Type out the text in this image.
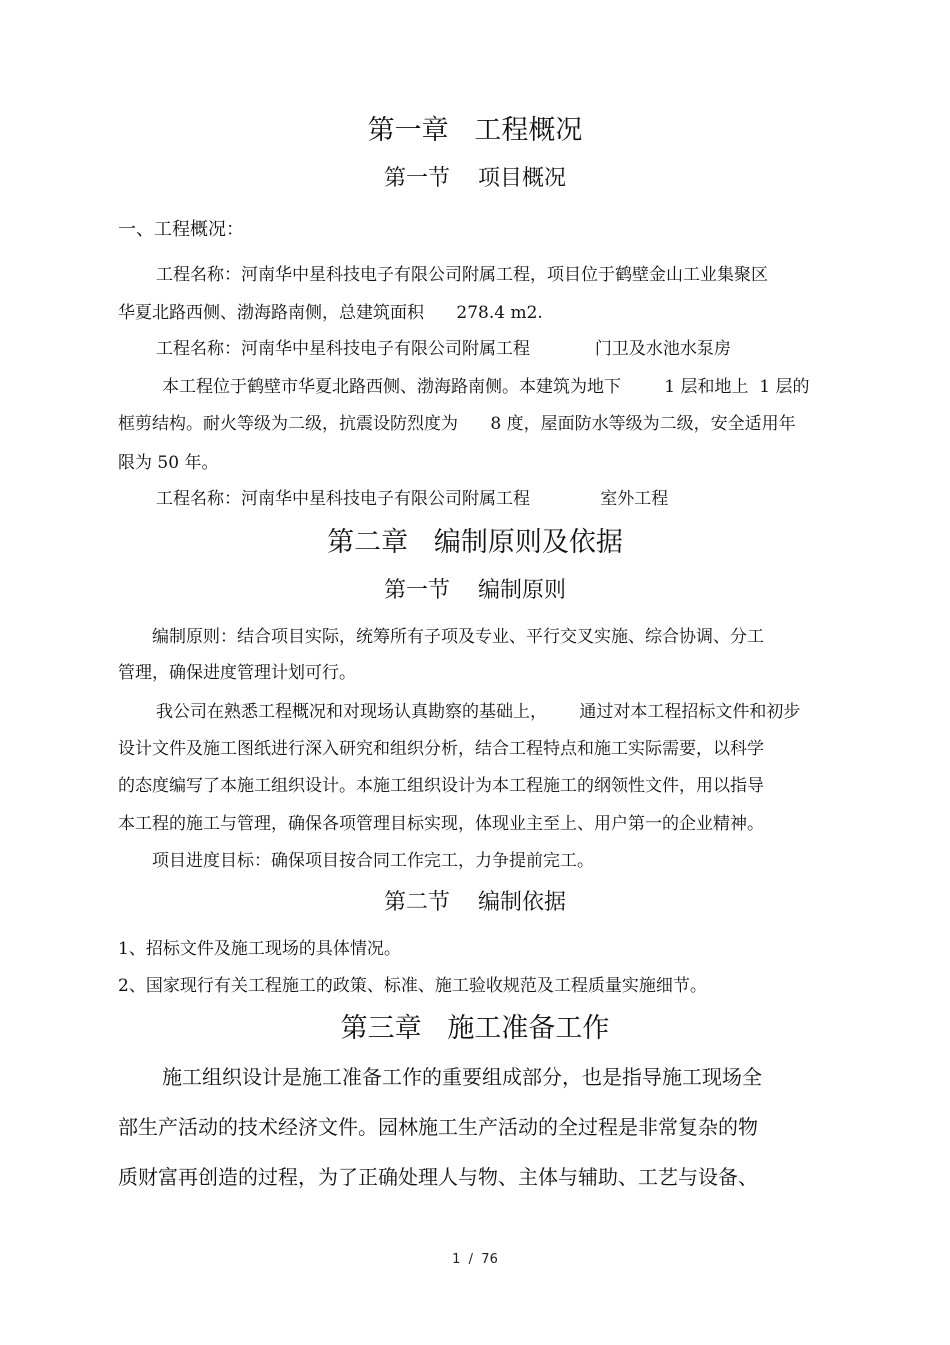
第一章   工程概况
第一节    项目概况
一、工程概况：
工程名称：河南华中星科技电子有限公司附属工程，项目位于鹤壁金山工业集聚区
华夏北路西侧、渤海路南侧，总建筑面积      278.4 m2.
工程名称：河南华中星科技电子有限公司附属工程            门卫及水池水泵房
本工程位于鹤壁市华夏北路西侧、渤海路南侧。本建筑为地下        1 层和地上  1 层的
框剪结构。耐火等级为二级，抗震设防烈度为      8 度，屋面防水等级为二级，安全适用年
限为 50 年。
工程名称：河南华中星科技电子有限公司附属工程             室外工程
第二章   编制原则及依据
第一节    编制原则
编制原则：结合项目实际，统筹所有子项及专业、平行交叉实施、综合协调、分工
管理，确保进度管理计划可行。
我公司在熟悉工程概况和对现场认真勘察的基础上，      通过对本工程招标文件和初步
设计文件及施工图纸进行深入研究和组织分析，结合工程特点和施工实际需要，以科学
的态度编写了本施工组织设计。本施工组织设计为本工程施工的纲领性文件，用以指导
本工程的施工与管理，确保各项管理目标实现，体现业主至上、用户第一的企业精神。
项目进度目标：确保项目按合同工作完工，力争提前完工。
第二节    编制依据
1、招标文件及施工现场的具体情况。
2、国家现行有关工程施工的政策、标准、施工验收规范及工程质量实施细节。
第三章   施工准备工作
施工组织设计是施工准备工作的重要组成部分，也是指导施工现场全
部生产活动的技术经济文件。园林施工生产活动的全过程是非常复杂的物
质财富再创造的过程，为了正确处理人与物、主体与辅助、工艺与设备、
1  /  76
